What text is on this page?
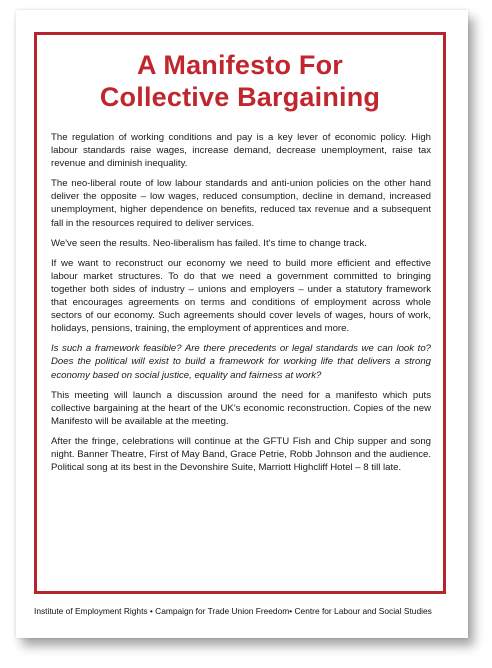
A Manifesto For
Collective Bargaining

The regulation of working conditions and pay is a key lever of economic policy. High labour standards raise wages, increase demand, decrease unemployment, raise tax revenue and diminish inequality.

The neo-liberal route of low labour standards and anti-union policies on the other hand deliver the opposite – low wages, reduced consumption, decline in demand, increased unemployment, higher dependence on benefits, reduced tax revenue and a subsequent fall in the resources required to deliver services.

We've seen the results. Neo-liberalism has failed. It's time to change track.

If we want to reconstruct our economy we need to build more efficient and effective labour market structures. To do that we need a government committed to bringing together both sides of industry – unions and employers – under a statutory framework that encourages agreements on terms and conditions of employment across whole sectors of our economy. Such agreements should cover levels of wages, hours of work, holidays, pensions, training, the employment of apprentices and more.

Is such a framework feasible? Are there precedents or legal standards we can look to? Does the political will exist to build a framework for working life that delivers a strong economy based on social justice, equality and fairness at work?

This meeting will launch a discussion around the need for a manifesto which puts collective bargaining at the heart of the UK's economic reconstruction. Copies of the new Manifesto will be available at the meeting.

After the fringe, celebrations will continue at the GFTU Fish and Chip supper and song night. Banner Theatre, First of May Band, Grace Petrie, Robb Johnson and the audience. Political song at its best in the Devonshire Suite, Marriott Highcliff Hotel – 8 till late.

Institute of Employment Rights • Campaign for Trade Union Freedom• Centre for Labour and Social Studies
